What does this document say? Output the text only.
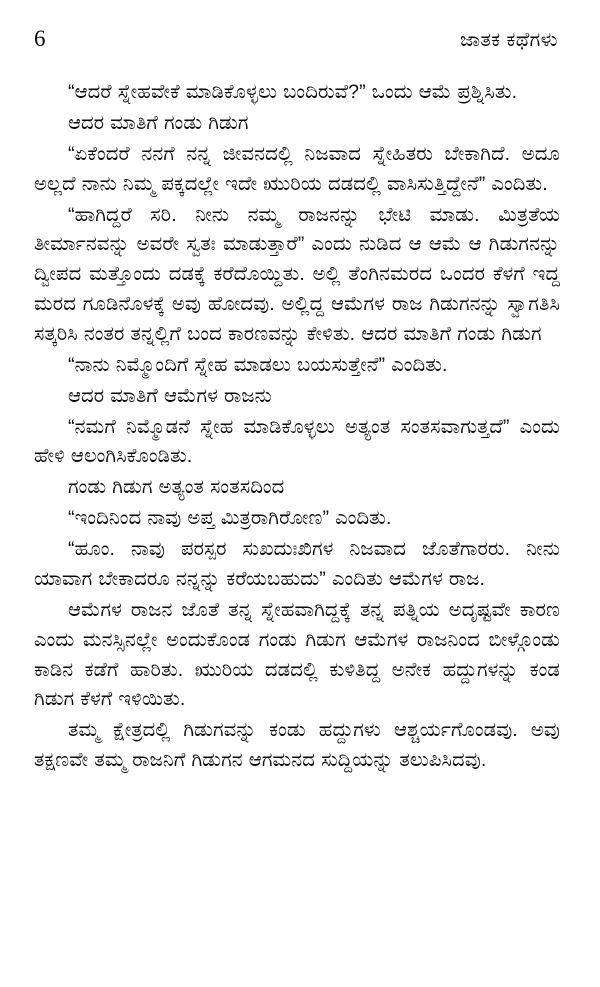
6	ಜಾತಕ ಕಥೆಗಳು

“ಆದರೆ ಸ್ನೇಹವೇಕೆ ಮಾಡಿಕೊಳ್ಳಲು ಬಂದಿರುವೆ?” ಒಂದು ಆಮೆ ಪ್ರಶ್ನಿಸಿತು.

ಆದರ ಮಾತಿಗೆ ಗಂಡು ಗಿಡುಗ

“ಏಕೆಂದರೆ ನನಗೆ ನನ್ನ ಜೀವನದಲ್ಲಿ ನಿಜವಾದ ಸ್ನೇಹಿತರು ಬೇಕಾಗಿದೆ. ಅದೂ ಅಲ್ಲದೆ ನಾನು ನಿಮ್ಮ ಪಕ್ಕದಲ್ಲೇ ಇದೇ ಋುರಿಯ ದಡದಲ್ಲಿ ವಾಸಿಸುತ್ತಿದ್ದೇನೆ” ಎಂದಿತು.

“ಹಾಗಿದ್ದರೆ ಸರಿ. ನೀನು ನಮ್ಮ ರಾಜನನ್ನು ಭೇಟಿ ಮಾಡು. ಮಿತ್ರತೆಯ ತೀರ್ಮಾನವನ್ನು ಅವರೇ ಸ್ವತಃ ಮಾಡುತ್ತಾರೆ” ಎಂದು ನುಡಿದ ಆ ಆಮೆ ಆ ಗಿಡುಗನನ್ನು ದ್ವೀಪದ ಮತ್ತೊಂದು ದಡಕ್ಕೆ ಕರೆದೊಯ್ದಿತು. ಅಲ್ಲಿ ತೆಂಗಿನಮರದ ಒಂದರ ಕೆಳಗೆ ಇದ್ದ ಮರದ ಗೂಡಿನೊಳಕ್ಕೆ ಅವು ಹೋದವು. ಅಲ್ಲಿದ್ದ ಆಮೆಗಳ ರಾಜ ಗಿಡುಗನನ್ನು ಸ್ವಾಗತಿಸಿ ಸತ್ಕರಿಸಿ ನಂತರ ತನ್ನಲ್ಲಿಗೆ ಬಂದ ಕಾರಣವನ್ನು ಕೇಳಿತು. ಆದರ ಮಾತಿಗೆ ಗಂಡು ಗಿಡುಗ

“ನಾನು ನಿಮ್ಮೊಂದಿಗೆ ಸ್ನೇಹ ಮಾಡಲು ಬಯಸುತ್ತೇನೆ” ಎಂದಿತು.

ಆದರ ಮಾತಿಗೆ ಆಮೆಗಳ ರಾಜನು

“ನಮಗೆ ನಿಮ್ಮೊಡನೆ ಸ್ನೇಹ ಮಾಡಿಕೊಳ್ಳಲು ಅತ್ಯಂತ ಸಂತಸವಾಗುತ್ತದೆ” ಎಂದು ಹೇಳಿ ಆಲಂಗಿಸಿಕೊಂಡಿತು.

ಗಂಡು ಗಿಡುಗ ಅತ್ಯಂತ ಸಂತಸದಿಂದ

“ಇಂದಿನಿಂದ ನಾವು ಅಪ್ತ ಮಿತ್ರರಾಗಿರೋಣ” ಎಂದಿತು.

“ಹೂಂ. ನಾವು ಪರಸ್ಪರ ಸುಖದುಃಖಿಗಳ ನಿಜವಾದ ಜೊತೆಗಾರರು. ನೀನು ಯಾವಾಗ ಬೇಕಾದರೂ ನನ್ನನ್ನು ಕರೆಯಬಹುದು” ಎಂದಿತು ಆಮೆಗಳ ರಾಜ.

ಆಮೆಗಳ ರಾಜನ ಜೊತೆ ತನ್ನ ಸ್ನೇಹವಾಗಿದ್ದಕ್ಕೆ ತನ್ನ ಪತ್ನಿಯ ಅದೃಷ್ಟವೇ ಕಾರಣ ಎಂದು ಮನಸ್ಸಿನಲ್ಲೇ ಅಂದುಕೊಂಡ ಗಂಡು ಗಿಡುಗ ಆಮೆಗಳ ರಾಜನಿಂದ ಬೀಳ್ಗೊಂಡು ಕಾಡಿನ ಕಡೆಗೆ ಹಾರಿತು. ಋುರಿಯ ದಡದಲ್ಲಿ ಕುಳಿತಿದ್ದ ಅನೇಕ ಹದ್ದುಗಳನ್ನು ಕಂಡ ಗಿಡುಗ ಕೆಳಗೆ ಇಳಿಯಿತು.

ತಮ್ಮ ಕ್ಷೇತ್ರದಲ್ಲಿ ಗಿಡುಗವನ್ನು ಕಂಡು ಹದ್ದುಗಳು ಆಶ್ಚರ್ಯಗೊಂಡವು. ಅವು ತಕ್ಷಣವೇ ತಮ್ಮ ರಾಜನಿಗೆ ಗಿಡುಗನ ಆಗಮನದ ಸುದ್ದಿಯನ್ನು ತಲುಪಿಸಿದವು.
